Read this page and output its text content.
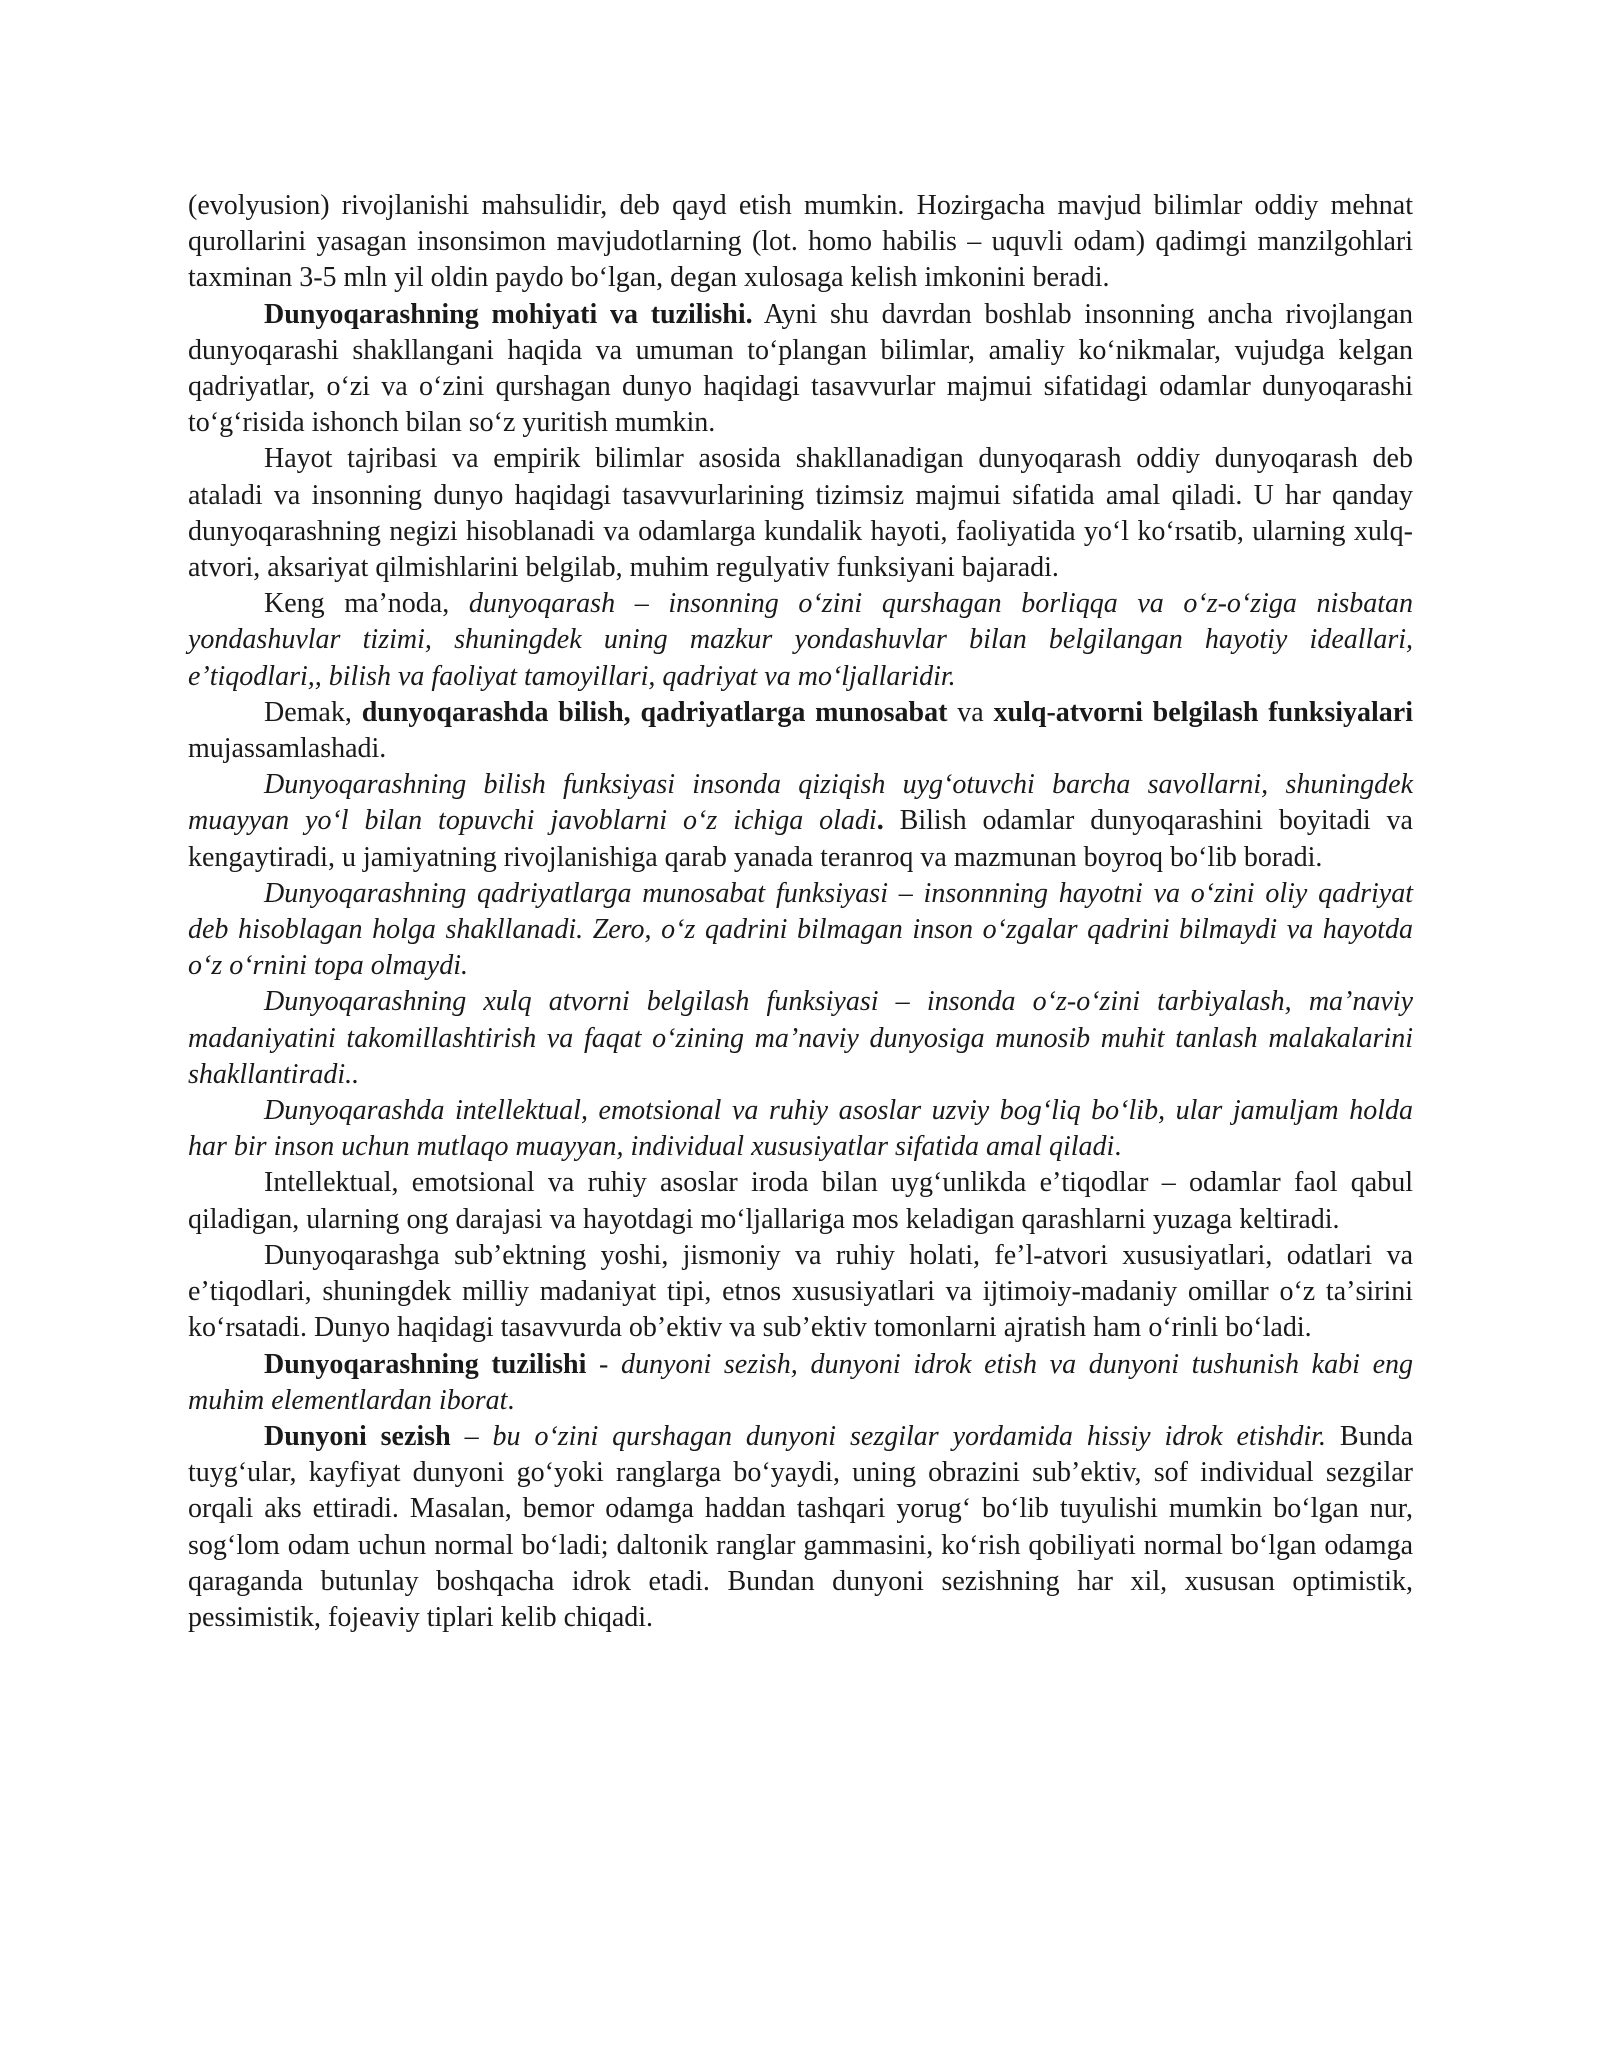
(evolyusion) rivojlanishi mahsulidir, deb qayd etish mumkin. Hozirgacha mavjud bilimlar oddiy mehnat qurollarini yasagan insonsimon mavjudotlarning (lot. homo habilis – uquvli odam) qadimgi manzilgohlari taxminan 3-5 mln yil oldin paydo boʻlgan, degan xulosaga kelish imkonini beradi.

Dunyoqarashning mohiyati va tuzilishi. Ayni shu davrdan boshlab insonning ancha rivojlangan dunyoqarashi shakllangani haqida va umuman toʻplangan bilimlar, amaliy koʻnikmalar, vujudga kelgan qadriyatlar, oʻzi va oʻzini qurshagan dunyo haqidagi tasavvurlar majmui sifatidagi odamlar dunyoqarashi toʻgʻrisida ishonch bilan soʻz yuritish mumkin.

Hayot tajribasi va empirik bilimlar asosida shakllanadigan dunyoqarash oddiy dunyoqarash deb ataladi va insonning dunyo haqidagi tasavvurlarining tizimsiz majmui sifatida amal qiladi. U har qanday dunyoqarashning negizi hisoblanadi va odamlarga kundalik hayoti, faoliyatida yoʻl koʻrsatib, ularning xulq-atvori, aksariyat qilmishlarini belgilab, muhim regulyativ funksiyani bajaradi.

Keng maʼnoda, dunyoqarash – insonning oʻzini qurshagan borliqqa va oʻz-oʻziga nisbatan yondashuvlar tizimi, shuningdek uning mazkur yondashuvlar bilan belgilangan hayotiy ideallari, eʼtiqodlari,, bilish va faoliyat tamoyillari, qadriyat va moʻljallaridir.

Demak, dunyoqarashda bilish, qadriyatlarga munosabat va xulq-atvorni belgilash funksiyalari mujassamlashadi.

Dunyoqarashning bilish funksiyasi insonda qiziqish uygʻotuvchi barcha savollarni, shuningdek muayyan yoʻl bilan topuvchi javoblarni oʻz ichiga oladi. Bilish odamlar dunyoqarashini boyitadi va kengaytiradi, u jamiyatning rivojlanishiga qarab yanada teranroq va mazmunan boyroq boʻlib boradi.

Dunyoqarashning qadriyatlarga munosabat funksiyasi – insonnning hayotni va oʻzini oliy qadriyat deb hisoblagan holga shakllanadi. Zero, oʻz qadrini bilmagan inson oʻzgalar qadrini bilmaydi va hayotda oʻz oʻrnini topa olmaydi.

Dunyoqarashning xulq atvorni belgilash funksiyasi – insonda oʻz-oʻzini tarbiyalash, maʼnaviy madaniyatini takomillashtirish va faqat oʻzining maʼnaviy dunyosiga munosib muhit tanlash malakalarini shakllantiradi..

Dunyoqarashda intellektual, emotsional va ruhiy asoslar uzviy bogʻliq boʻlib, ular jamuljam holda har bir inson uchun mutlaqo muayyan, individual xususiyatlar sifatida amal qiladi.

Intellektual, emotsional va ruhiy asoslar iroda bilan uygʻunlikda eʼtiqodlar – odamlar faol qabul qiladigan, ularning ong darajasi va hayotdagi moʻljallariga mos keladigan qarashlarni yuzaga keltiradi.

Dunyoqarashga subʼektning yoshi, jismoniy va ruhiy holati, feʼl-atvori xususiyatlari, odatlari va eʼtiqodlari, shuningdek milliy madaniyat tipi, etnos xususiyatlari va ijtimoiy-madaniy omillar oʻz taʼsirini koʻrsatadi. Dunyo haqidagi tasavvurda obʼektiv va subʼektiv tomonlarni ajratish ham oʻrinli boʻladi.

Dunyoqarashning tuzilishi - dunyoni sezish, dunyoni idrok etish va dunyoni tushunish kabi eng muhim elementlardan iborat.

Dunyoni sezish – bu oʻzini qurshagan dunyoni sezgilar yordamida hissiy idrok etishdir. Bunda tuygʻular, kayfiyat dunyoni goʻyoki ranglarga boʻyaydi, uning obrazini subʼektiv, sof individual sezgilar orqali aks ettiradi. Masalan, bemor odamga haddan tashqari yorugʻ boʻlib tuyulishi mumkin boʻlgan nur, sogʻlom odam uchun normal boʻladi; daltonik ranglar gammasini, koʻrish qobiliyati normal boʻlgan odamga qaraganda butunlay boshqacha idrok etadi. Bundan dunyoni sezishning har xil, xususan optimistik, pessimistik, fojeaviy tiplari kelib chiqadi.
